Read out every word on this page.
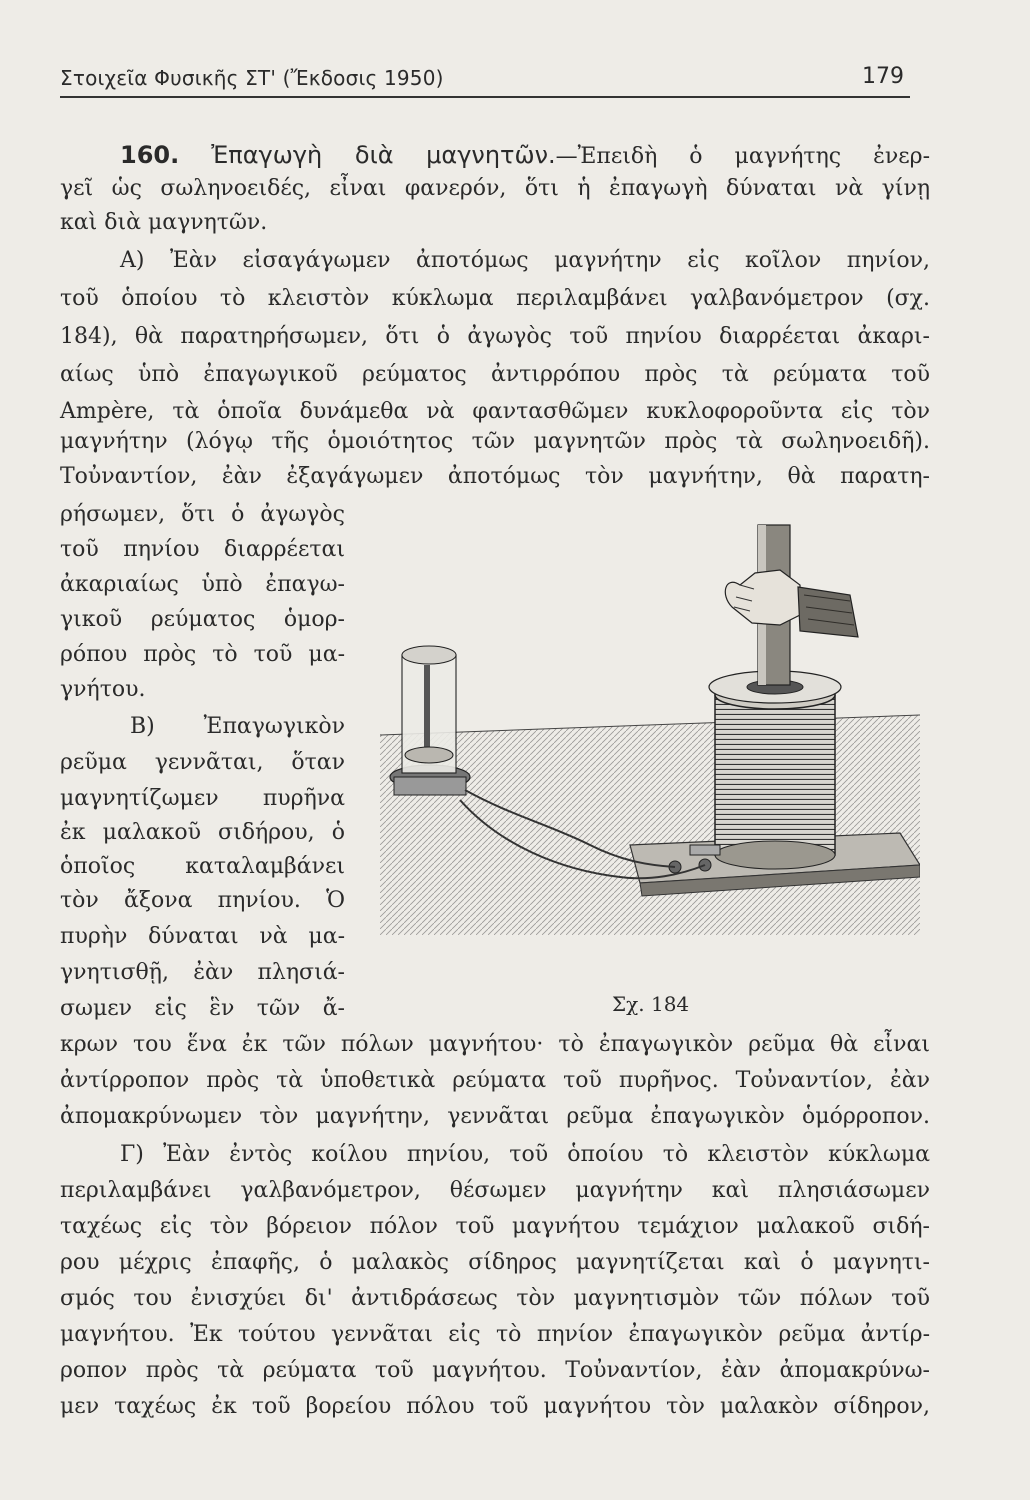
Στοιχεῖα Φυσικῆς ΣΤ' (Ἔκδοσις 1950)	179
160. Ἐπαγωγὴ διὰ μαγνητῶν.—Ἐπειδὴ ὁ μαγνήτης ἐνερ-
γεῖ ὡς σωληνοειδές, εἶναι φανερόν, ὅτι ἡ ἐπαγωγὴ δύναται νὰ γίνῃ
καὶ διὰ μαγνητῶν.
Α) Ἐὰν εἰσαγάγωμεν ἀποτόμως μαγνήτην εἰς κοῖλον πηνίον,
τοῦ ὁποίου τὸ κλειστὸν κύκλωμα περιλαμβάνει γαλβανόμετρον (σχ.
184), θὰ παρατηρήσωμεν, ὅτι ὁ ἀγωγὸς τοῦ πηνίου διαρρέεται ἀκαρι-
αίως ὑπὸ ἐπαγωγικοῦ ρεύματος ἀντιρρόπου πρὸς τὰ ρεύματα τοῦ
Ampère, τὰ ὁποῖα δυνάμεθα νὰ φαντασθῶμεν κυκλοφοροῦντα εἰς τὸν
μαγνήτην (λόγῳ τῆς ὁμοιότητος τῶν μαγνητῶν πρὸς τὰ σωληνοειδῆ).
Τοὐναντίον, ἐὰν ἐξαγάγωμεν ἀποτόμως τὸν μαγνήτην, θὰ παρατη-
ρήσωμεν, ὅτι ὁ ἀγωγὸς
τοῦ πηνίου διαρρέεται
ἀκαριαίως ὑπὸ ἐπαγω-
γικοῦ ρεύματος ὁμορ-
ρόπου πρὸς τὸ τοῦ μα-
γνήτου.
Β) Ἐπαγωγικὸν
ρεῦμα γεννᾶται, ὅταν
μαγνητίζωμεν πυρῆνα
ἐκ μαλακοῦ σιδήρου, ὁ
ὁποῖος καταλαμβάνει
τὸν ἄξονα πηνίου. Ὁ
πυρὴν δύναται νὰ μα-
γνητισθῇ, ἐὰν πλησιά-
σωμεν εἰς ἓν τῶν ἄ-
κρων του ἕνα ἐκ τῶν πόλων μαγνήτου· τὸ ἐπαγωγικὸν ρεῦμα θὰ εἶναι
ἀντίρροπον πρὸς τὰ ὑποθετικὰ ρεύματα τοῦ πυρῆνος. Τοὐναντίον, ἐὰν
ἀπομακρύνωμεν τὸν μαγνήτην, γεννᾶται ρεῦμα ἐπαγωγικὸν ὁμόρροπον.
Γ) Ἐὰν ἐντὸς κοίλου πηνίου, τοῦ ὁποίου τὸ κλειστὸν κύκλωμα
περιλαμβάνει γαλβανόμετρον, θέσωμεν μαγνήτην καὶ πλησιάσωμεν
ταχέως εἰς τὸν βόρειον πόλον τοῦ μαγνήτου τεμάχιον μαλακοῦ σιδή-
ρου μέχρις ἐπαφῆς, ὁ μαλακὸς σίδηρος μαγνητίζεται καὶ ὁ μαγνητι-
σμός του ἐνισχύει δι' ἀντιδράσεως τὸν μαγνητισμὸν τῶν πόλων τοῦ
μαγνήτου. Ἐκ τούτου γεννᾶται εἰς τὸ πηνίον ἐπαγωγικὸν ρεῦμα ἀντίρ-
ροπον πρὸς τὰ ρεύματα τοῦ μαγνήτου. Τοὐναντίον, ἐὰν ἀπομακρύνω-
μεν ταχέως ἐκ τοῦ βορείου πόλου τοῦ μαγνήτου τὸν μαλακὸν σίδηρον,
Σχ. 184
